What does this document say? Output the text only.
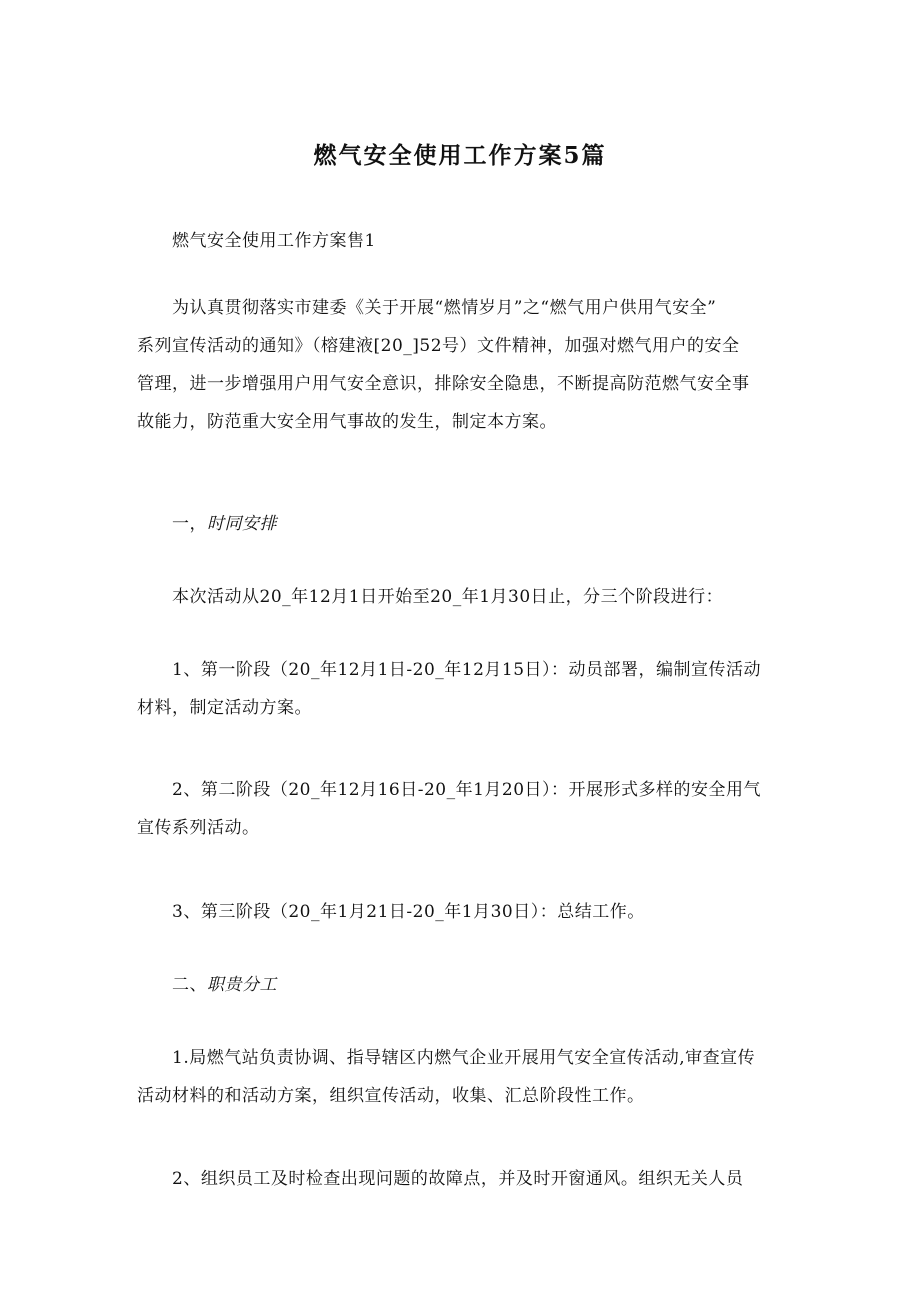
燃气安全使用工作方案5篇
燃气安全使用工作方案售1
为认真贯彻落实市建委《关于开展“燃情岁月”之“燃气用户供用气安全”
系列宣传活动的通知》（榕建液[20_]52号）文件精神，加强对燃气用户的安全
管理，进一步增强用户用气安全意识，排除安全隐患，不断提高防范燃气安全事
故能力，防范重大安全用气事故的发生，制定本方案。
一，时同安排
本次活动从20_年12月1日开始至20_年1月30日止，分三个阶段进行：
1、第一阶段（20_年12月1日-20_年12月15日）：动员部署，编制宣传活动
材料，制定活动方案。
2、第二阶段（20_年12月16日-20_年1月20日）：开展形式多样的安全用气
宣传系列活动。
3、第三阶段（20_年1月21日-20_年1月30日）：总结工作。
二、职贵分工
1.局燃气站负责协调、指导辖区内燃气企业开展用气安全宣传活动,审查宣传
活动材料的和活动方案，组织宣传活动，收集、汇总阶段性工作。
2、组织员工及时检查出现问题的故障点，并及时开窗通风。组织无关人员
